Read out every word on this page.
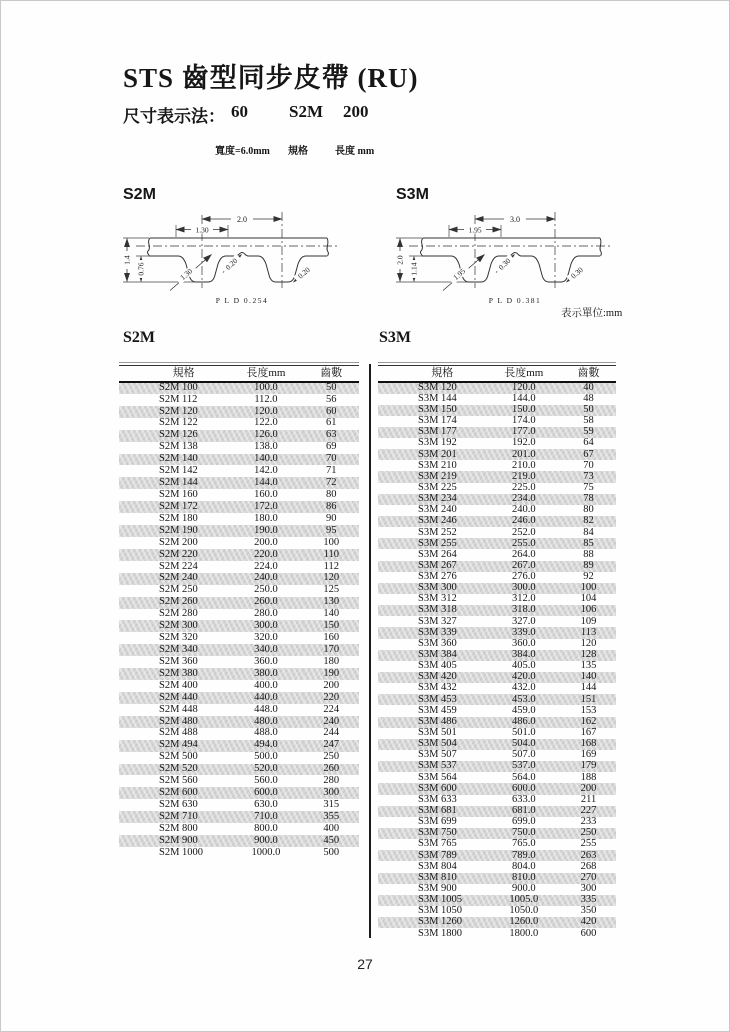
STS 齒型同步皮帶 (RU)
尺寸表示法： 60 S2M 200
寬度=6.0mm 規格	長度 mm
S2M	S3M
2.0
1.30
1.4
0.76	1.30
0.20
0.20
P L D 0.254
3.0
1.95
2.0
1.14	1.95
0.30
0.30
P L D 0.381
表示單位:mm
S2M	S3M
規格	長度mm	齒數
S2M 100	100.0	50
S2M 112	112.0	56
S2M 120	120.0	60
S2M 122	122.0	61
S2M 126	126.0	63
S2M 138	138.0	69
S2M 140	140.0	70
S2M 142	142.0	71
S2M 144	144.0	72
S2M 160	160.0	80
S2M 172	172.0	86
S2M 180	180.0	90
S2M 190	190.0	95
S2M 200	200.0	100
S2M 220	220.0	110
S2M 224	224.0	112
S2M 240	240.0	120
S2M 250	250.0	125
S2M 260	260.0	130
S2M 280	280.0	140
S2M 300	300.0	150
S2M 320	320.0	160
S2M 340	340.0	170
S2M 360	360.0	180
S2M 380	380.0	190
S2M 400	400.0	200
S2M 440	440.0	220
S2M 448	448.0	224
S2M 480	480.0	240
S2M 488	488.0	244
S2M 494	494.0	247
S2M 500	500.0	250
S2M 520	520.0	260
S2M 560	560.0	280
S2M 600	600.0	300
S2M 630	630.0	315
S2M 710	710.0	355
S2M 800	800.0	400
S2M 900	900.0	450
S2M 1000	1000.0	500
規格	長度mm	齒數
S3M 120	120.0	40
S3M 144	144.0	48
S3M 150	150.0	50
S3M 174	174.0	58
S3M 177	177.0	59
S3M 192	192.0	64
S3M 201	201.0	67
S3M 210	210.0	70
S3M 219	219.0	73
S3M 225	225.0	75
S3M 234	234.0	78
S3M 240	240.0	80
S3M 246	246.0	82
S3M 252	252.0	84
S3M 255	255.0	85
S3M 264	264.0	88
S3M 267	267.0	89
S3M 276	276.0	92
S3M 300	300.0	100
S3M 312	312.0	104
S3M 318	318.0	106
S3M 327	327.0	109
S3M 339	339.0	113
S3M 360	360.0	120
S3M 384	384.0	128
S3M 405	405.0	135
S3M 420	420.0	140
S3M 432	432.0	144
S3M 453	453.0	151
S3M 459	459.0	153
S3M 486	486.0	162
S3M 501	501.0	167
S3M 504	504.0	168
S3M 507	507.0	169
S3M 537	537.0	179
S3M 564	564.0	188
S3M 600	600.0	200
S3M 633	633.0	211
S3M 681	681.0	227
S3M 699	699.0	233
S3M 750	750.0	250
S3M 765	765.0	255
S3M 789	789.0	263
S3M 804	804.0	268
S3M 810	810.0	270
S3M 900	900.0	300
S3M 1005	1005.0	335
S3M 1050	1050.0	350
S3M 1260	1260.0	420
S3M 1800	1800.0	600
27
